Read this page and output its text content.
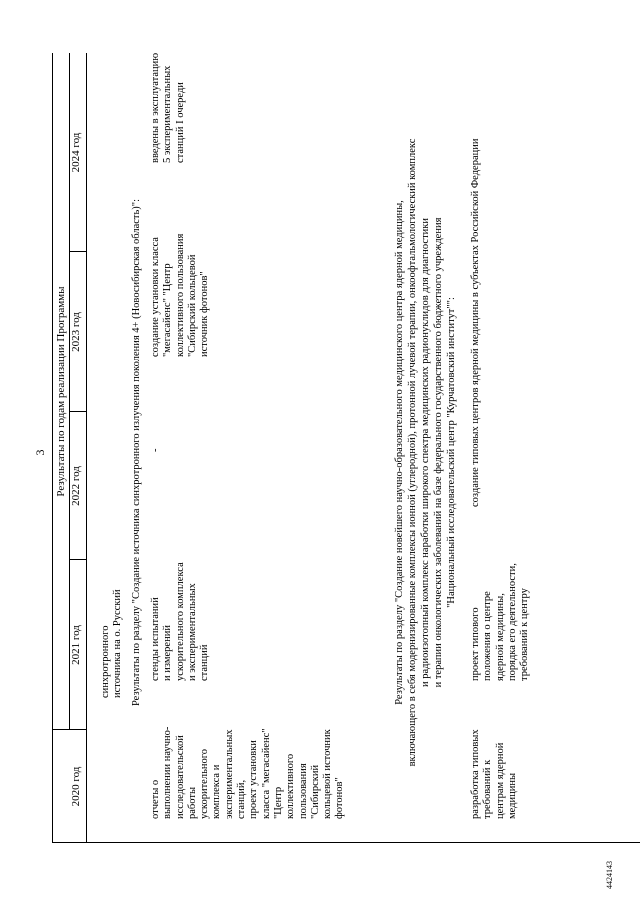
3 Результаты по годам реализации Программы
2020 год
2021 год
2022 год
2023 год
2024 год
синхротронного
источника на о. Русский Результаты по разделу "Создание источника синхротронного излучения поколения 4+ (Новосибирская область)":
отчеты о
выполнении научно-
исследовательской
работы
ускорительного
комплекса и
экспериментальных
станций,
проект установки
класса "мегасайенс"
"Центр
коллективного
пользования
"Сибирский
кольцевой источник
фотонов"
стенды испытаний
и измерений
ускорительного комплекса
и экспериментальных
станций
-
создание установки класса
"мегасайенс" "Центр
коллективного пользования
"Сибирский кольцевой
источник фотонов"
введены в эксплуатацию
5 экспериментальных
станций I очереди
Результаты по разделу "Создание новейшего научно-образовательного медицинского центра ядерной медицины, включающего в себя модернизированные комплексы ионной (углеродной), протонной лучевой терапии, онкоофтальмологический комплекс и радиоизотопный комплекс наработки широкого спектра медицинских радионуклидов для диагностики и терапии онкологических заболеваний на базе федерального государственного бюджетного учреждения "Национальный исследовательский центр "Курчатовский институт"":
разработка типовых
требований к
центрам ядерной
медицины
проект типового
положения о центре
ядерной медицины,
порядка его деятельности,
требований к центру
создание типовых центров ядерной медицины в субъектах Российской Федерации
4424143
